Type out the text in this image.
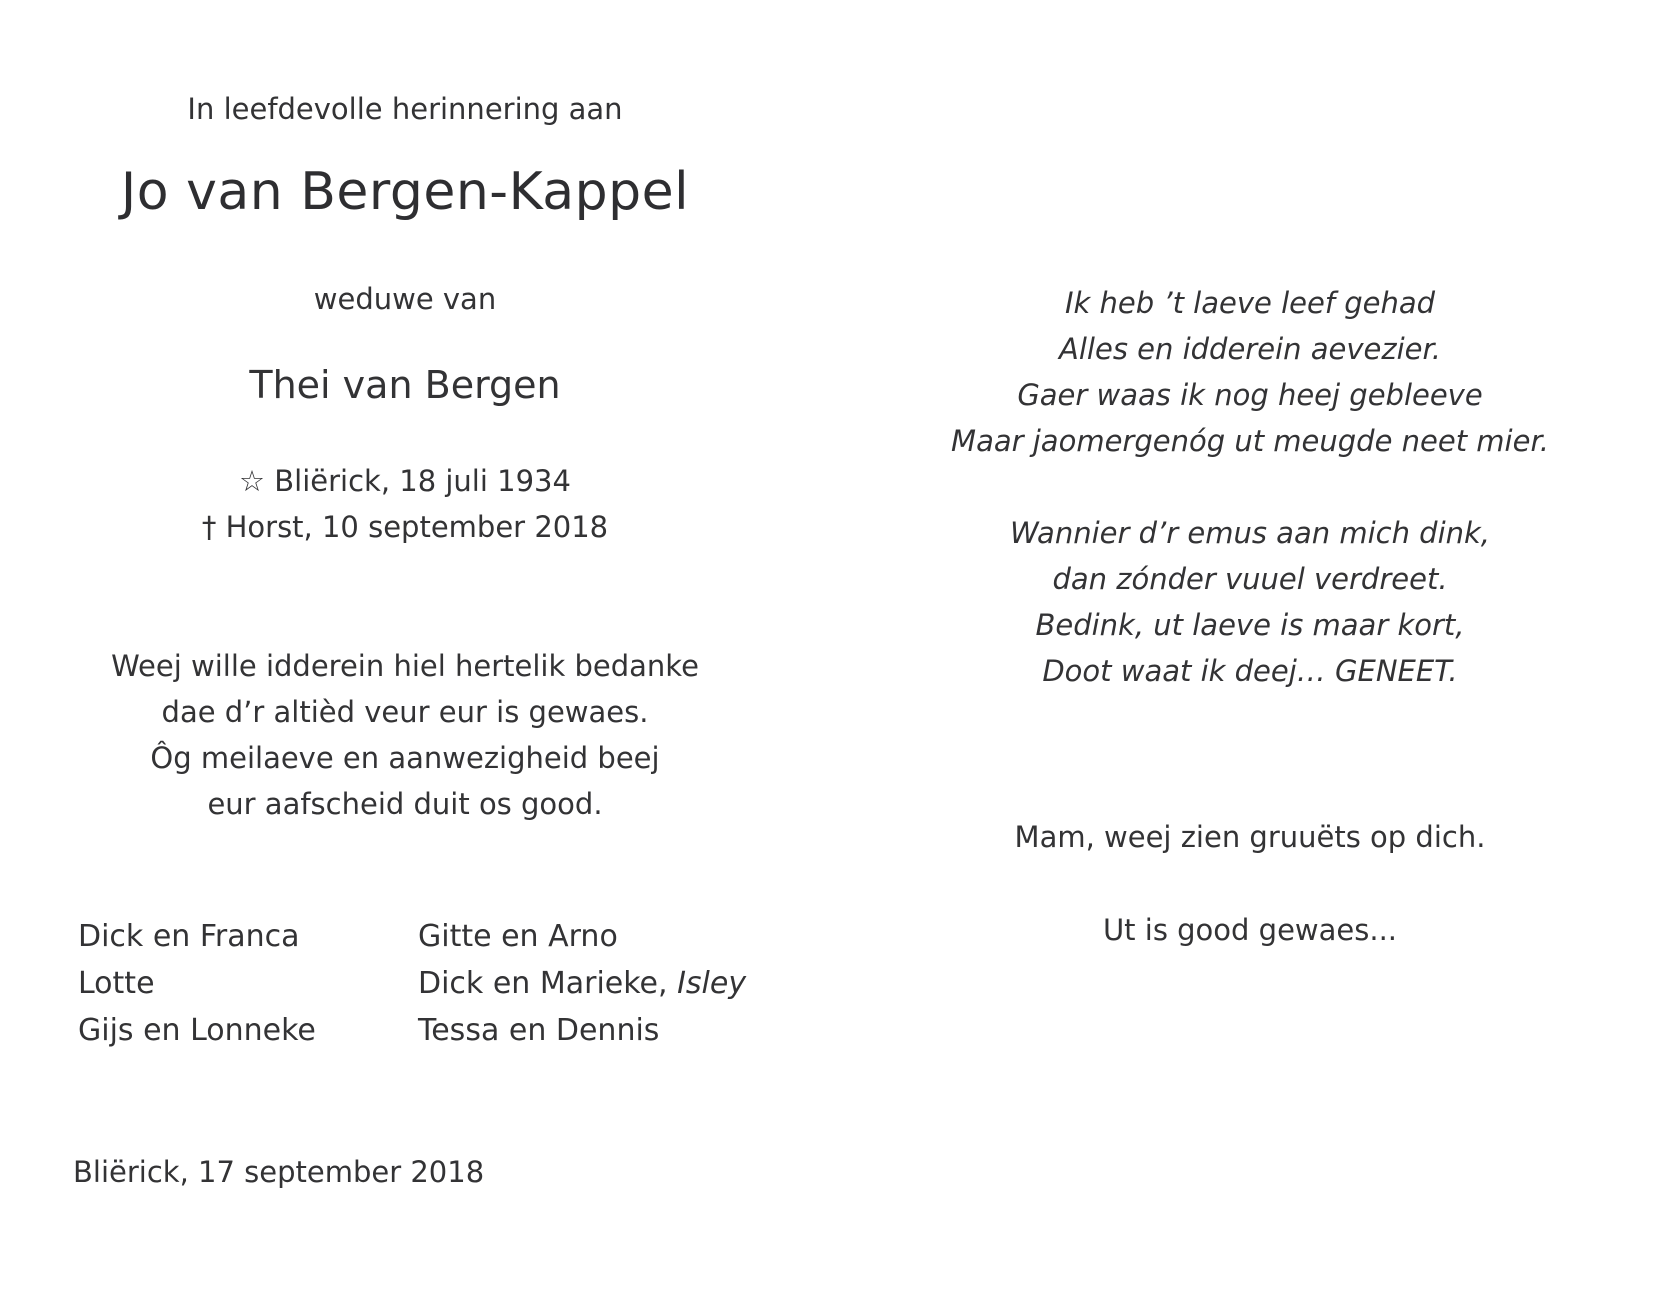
In leefdevolle herinnering aan
Jo van Bergen-Kappel
weduwe van
Thei van Bergen
☆ Bliërick, 18 juli 1934
† Horst, 10 september 2018
Weej wille idderein hiel hertelik bedanke
dae d’r altièd veur eur is gewaes.
Ôg meilaeve en aanwezigheid beej
eur aafscheid duit os good.
Dick en Franca
Lotte
Gijs en Lonneke
Gitte en Arno
Dick en Marieke, Isley
Tessa en Dennis
Bliërick, 17 september 2018
Ik heb ’t laeve leef gehad
Alles en idderein aevezier.
Gaer waas ik nog heej gebleeve
Maar jaomergenóg ut meugde neet mier.
Wannier d’r emus aan mich dink,
dan zónder vuuel verdreet.
Bedink, ut laeve is maar kort,
Doot waat ik deej… GENEET.
Mam, weej zien gruuëts op dich.
Ut is good gewaes...
